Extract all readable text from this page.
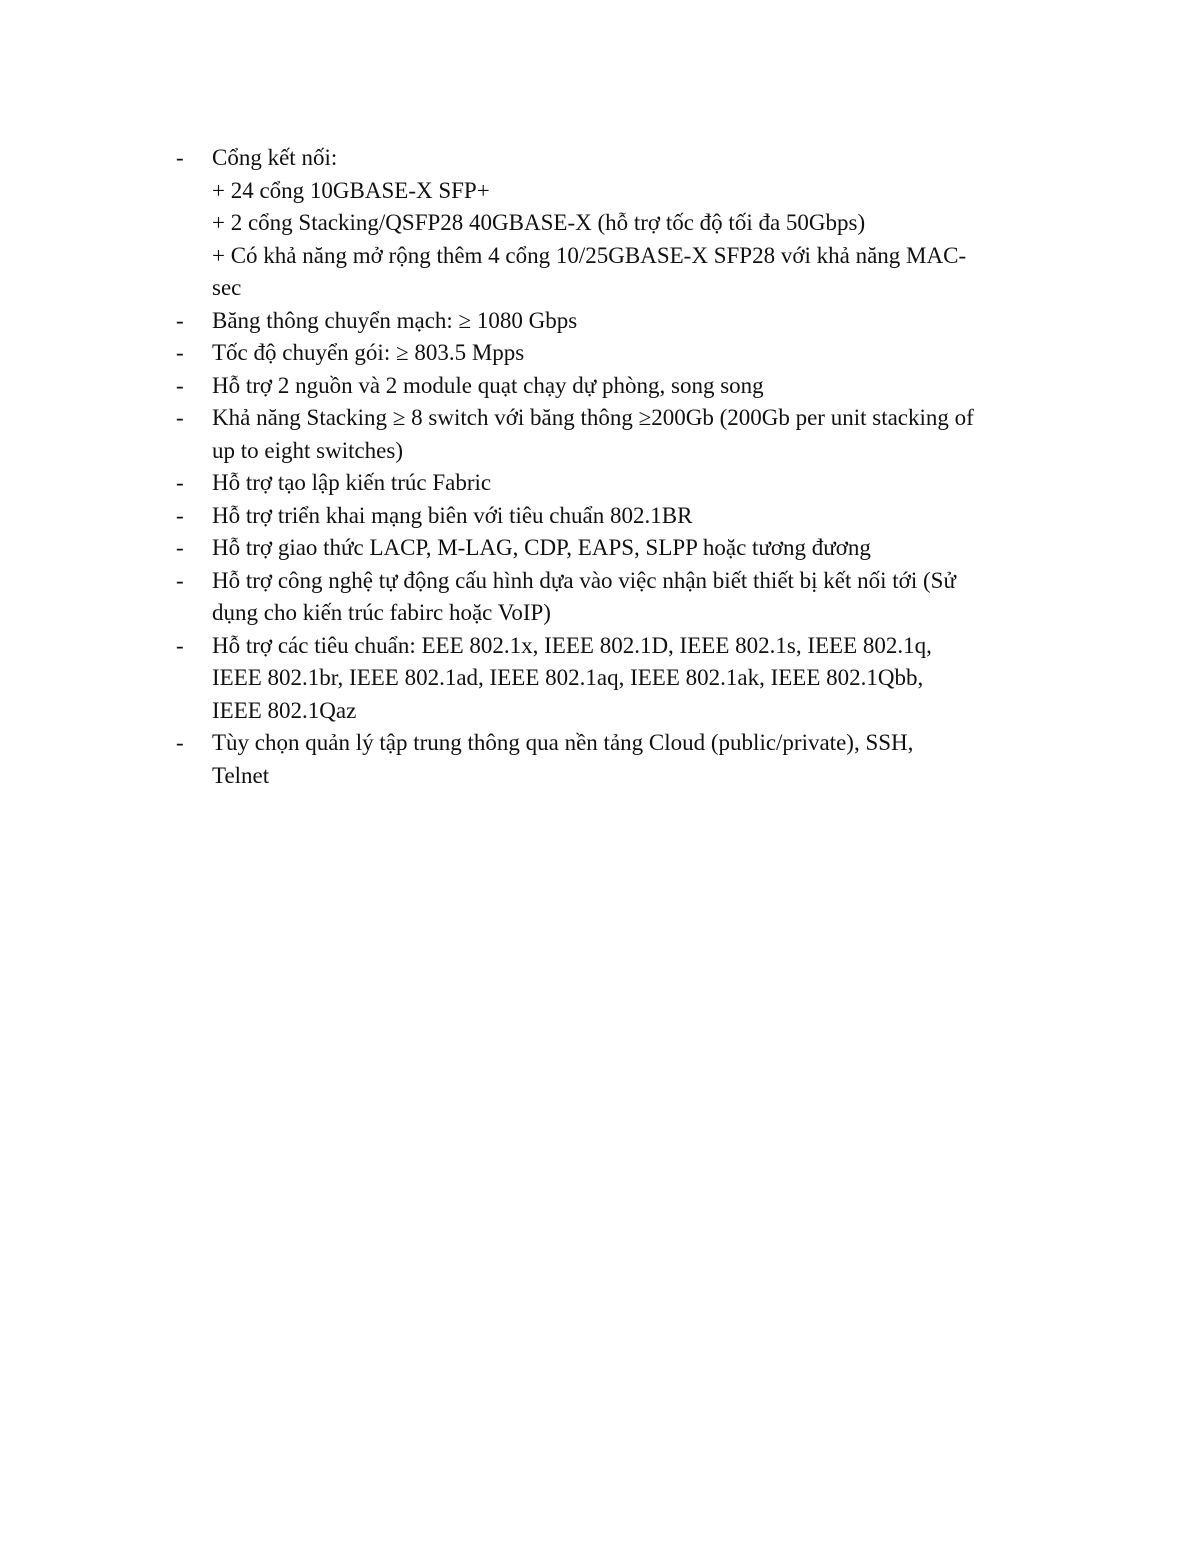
-	Cổng kết nối:
+ 24 cổng 10GBASE-X SFP+
+ 2 cổng Stacking/QSFP28 40GBASE-X (hỗ trợ tốc độ tối đa 50Gbps)
+ Có khả năng mở rộng thêm 4 cổng 10/25GBASE-X SFP28 với khả năng MAC-
sec
-	Băng thông chuyển mạch: ≥ 1080 Gbps
-	Tốc độ chuyển gói: ≥ 803.5 Mpps
-	Hỗ trợ 2 nguồn và 2 module quạt chạy dự phòng, song song
-	Khả năng Stacking ≥ 8 switch với băng thông ≥200Gb (200Gb per unit stacking of
up to eight switches)
-	Hỗ trợ tạo lập kiến trúc Fabric
-	Hỗ trợ triển khai mạng biên với tiêu chuẩn 802.1BR
-	Hỗ trợ giao thức LACP, M-LAG, CDP, EAPS, SLPP hoặc tương đương
-	Hỗ trợ công nghệ tự động cấu hình dựa vào việc nhận biết thiết bị kết nối tới (Sử
dụng cho kiến trúc fabirc hoặc VoIP)
-	Hỗ trợ các tiêu chuẩn: EEE 802.1x, IEEE 802.1D, IEEE 802.1s, IEEE 802.1q,
IEEE 802.1br, IEEE 802.1ad, IEEE 802.1aq, IEEE 802.1ak, IEEE 802.1Qbb,
IEEE 802.1Qaz
-	Tùy chọn quản lý tập trung thông qua nền tảng Cloud (public/private), SSH,
Telnet
